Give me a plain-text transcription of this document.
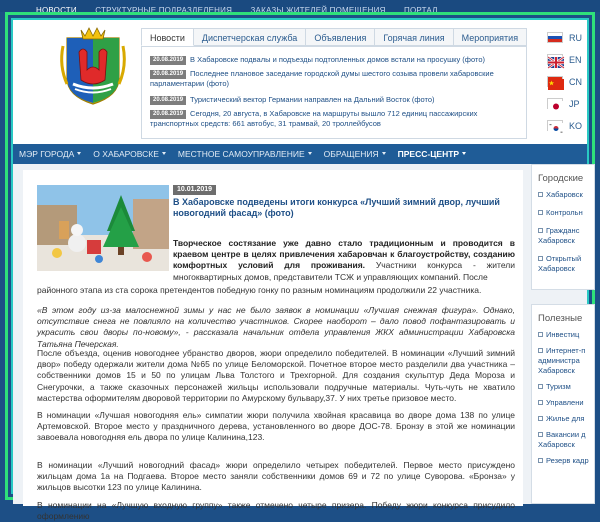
НОВОСТИ СТРУКТУРНЫЕ ПОДРАЗДЕЛЕНИЯ ЗАКАЗЫ ЖИТЕЛЕЙ ПОМЕЩЕНИЯ ПОРТАЛ
Новости	Диспетчерская служба	Объявления	Горячая линия	Мероприятия
20.08.2019 В Хабаровске подвалы и подъезды подтопленных домов встали на просушку (фото)
20.08.2019 Последнее плановое заседание городской думы шестого созыва провели хабаровские парламентарии (фото)
20.08.2019 Туристический вектор Германии направлен на Дальний Восток (фото)
20.08.2019 Сегодня, 20 августа, в Хабаровске на маршруты вышло 712 единиц пассажирских транспортных средств: 661 автобус, 31 трамвай, 20 троллейбусов
RU
EN
CN
JP
KO
МЭР ГОРОДА	О ХАБАРОВСКЕ	МЕСТНОЕ САМОУПРАВЛЕНИЕ	ОБРАЩЕНИЯ	ПРЕСС-ЦЕНТР
10.01.2019
В Хабаровске подведены итоги конкурса «Лучший зимний двор, лучший новогодний фасад» (фото)
Творческое состязание уже давно стало традиционным и проводится в краевом центре в целях привлечения хабаровчан к благоустройству, созданию комфортных условий для проживания. Участники конкурса - жители многоквартирных домов, представители ТСЖ и управляющих компаний. После
районного этапа из ста сорока претендентов победную гонку по разным номинациям продолжили 22 участника.
«В этом году из-за малоснежной зимы у нас не было заявок в номинации «Лучшая снежная фигура». Однако, отсутствие снега не повлияло на количество участников. Скорее наоборот – дало повод пофантазировать и украсить свои дворы по-новому», - рассказала начальник отдела управления ЖКХ администрации Хабаровска Татьяна Печерская.
После объезда, оценив новогоднее убранство дворов, жюри определило победителей. В номинации «Лучший зимний двор» победу одержали жители дома №65 по улице Беломорской. Почетное второе место разделили два участника – собственники домов 15 и 50 по улицам Льва Толстого и Трехгорной. Для создания скульптур Деда Мороза и Снегурочки, а также сказочных персонажей жильцы использовали подручные материалы. Чуть-чуть не хватило мастерства оформителям дворовой территории по Амурскому бульвару,37. У них третье призовое место.
В номинации «Лучшая новогодняя ель» симпатии жюри получила хвойная красавица во дворе дома 138 по улице Артемовской. Второе место у праздничного дерева, установленного во дворе ДОС-78. Бронзу в этой же номинации завоевала новогодняя ель двора по улице Калинина,123.
В номинации «Лучший новогодний фасад» жюри определило четырех победителей. Первое место присуждено жильцам дома 1а на Подгаева. Второе место заняли собственники домов 69 и 72 по улице Суворова. «Бронза» у жильцов высотки 123 по улице Калинина.
В номинации на «Лучшую входную группу» также отмечено четыре призера. Победу жюри конкурса присудило оформлению
Городские
Хабаровск
Контрольн
Гражданс Хабаровск
Открытый Хабаровск
Полезные
Инвестиц
Интернет-п администра Хабаровск
Туризм
Управлени
Жилье для
Вакансии д Хабаровск
Резерв кадр
